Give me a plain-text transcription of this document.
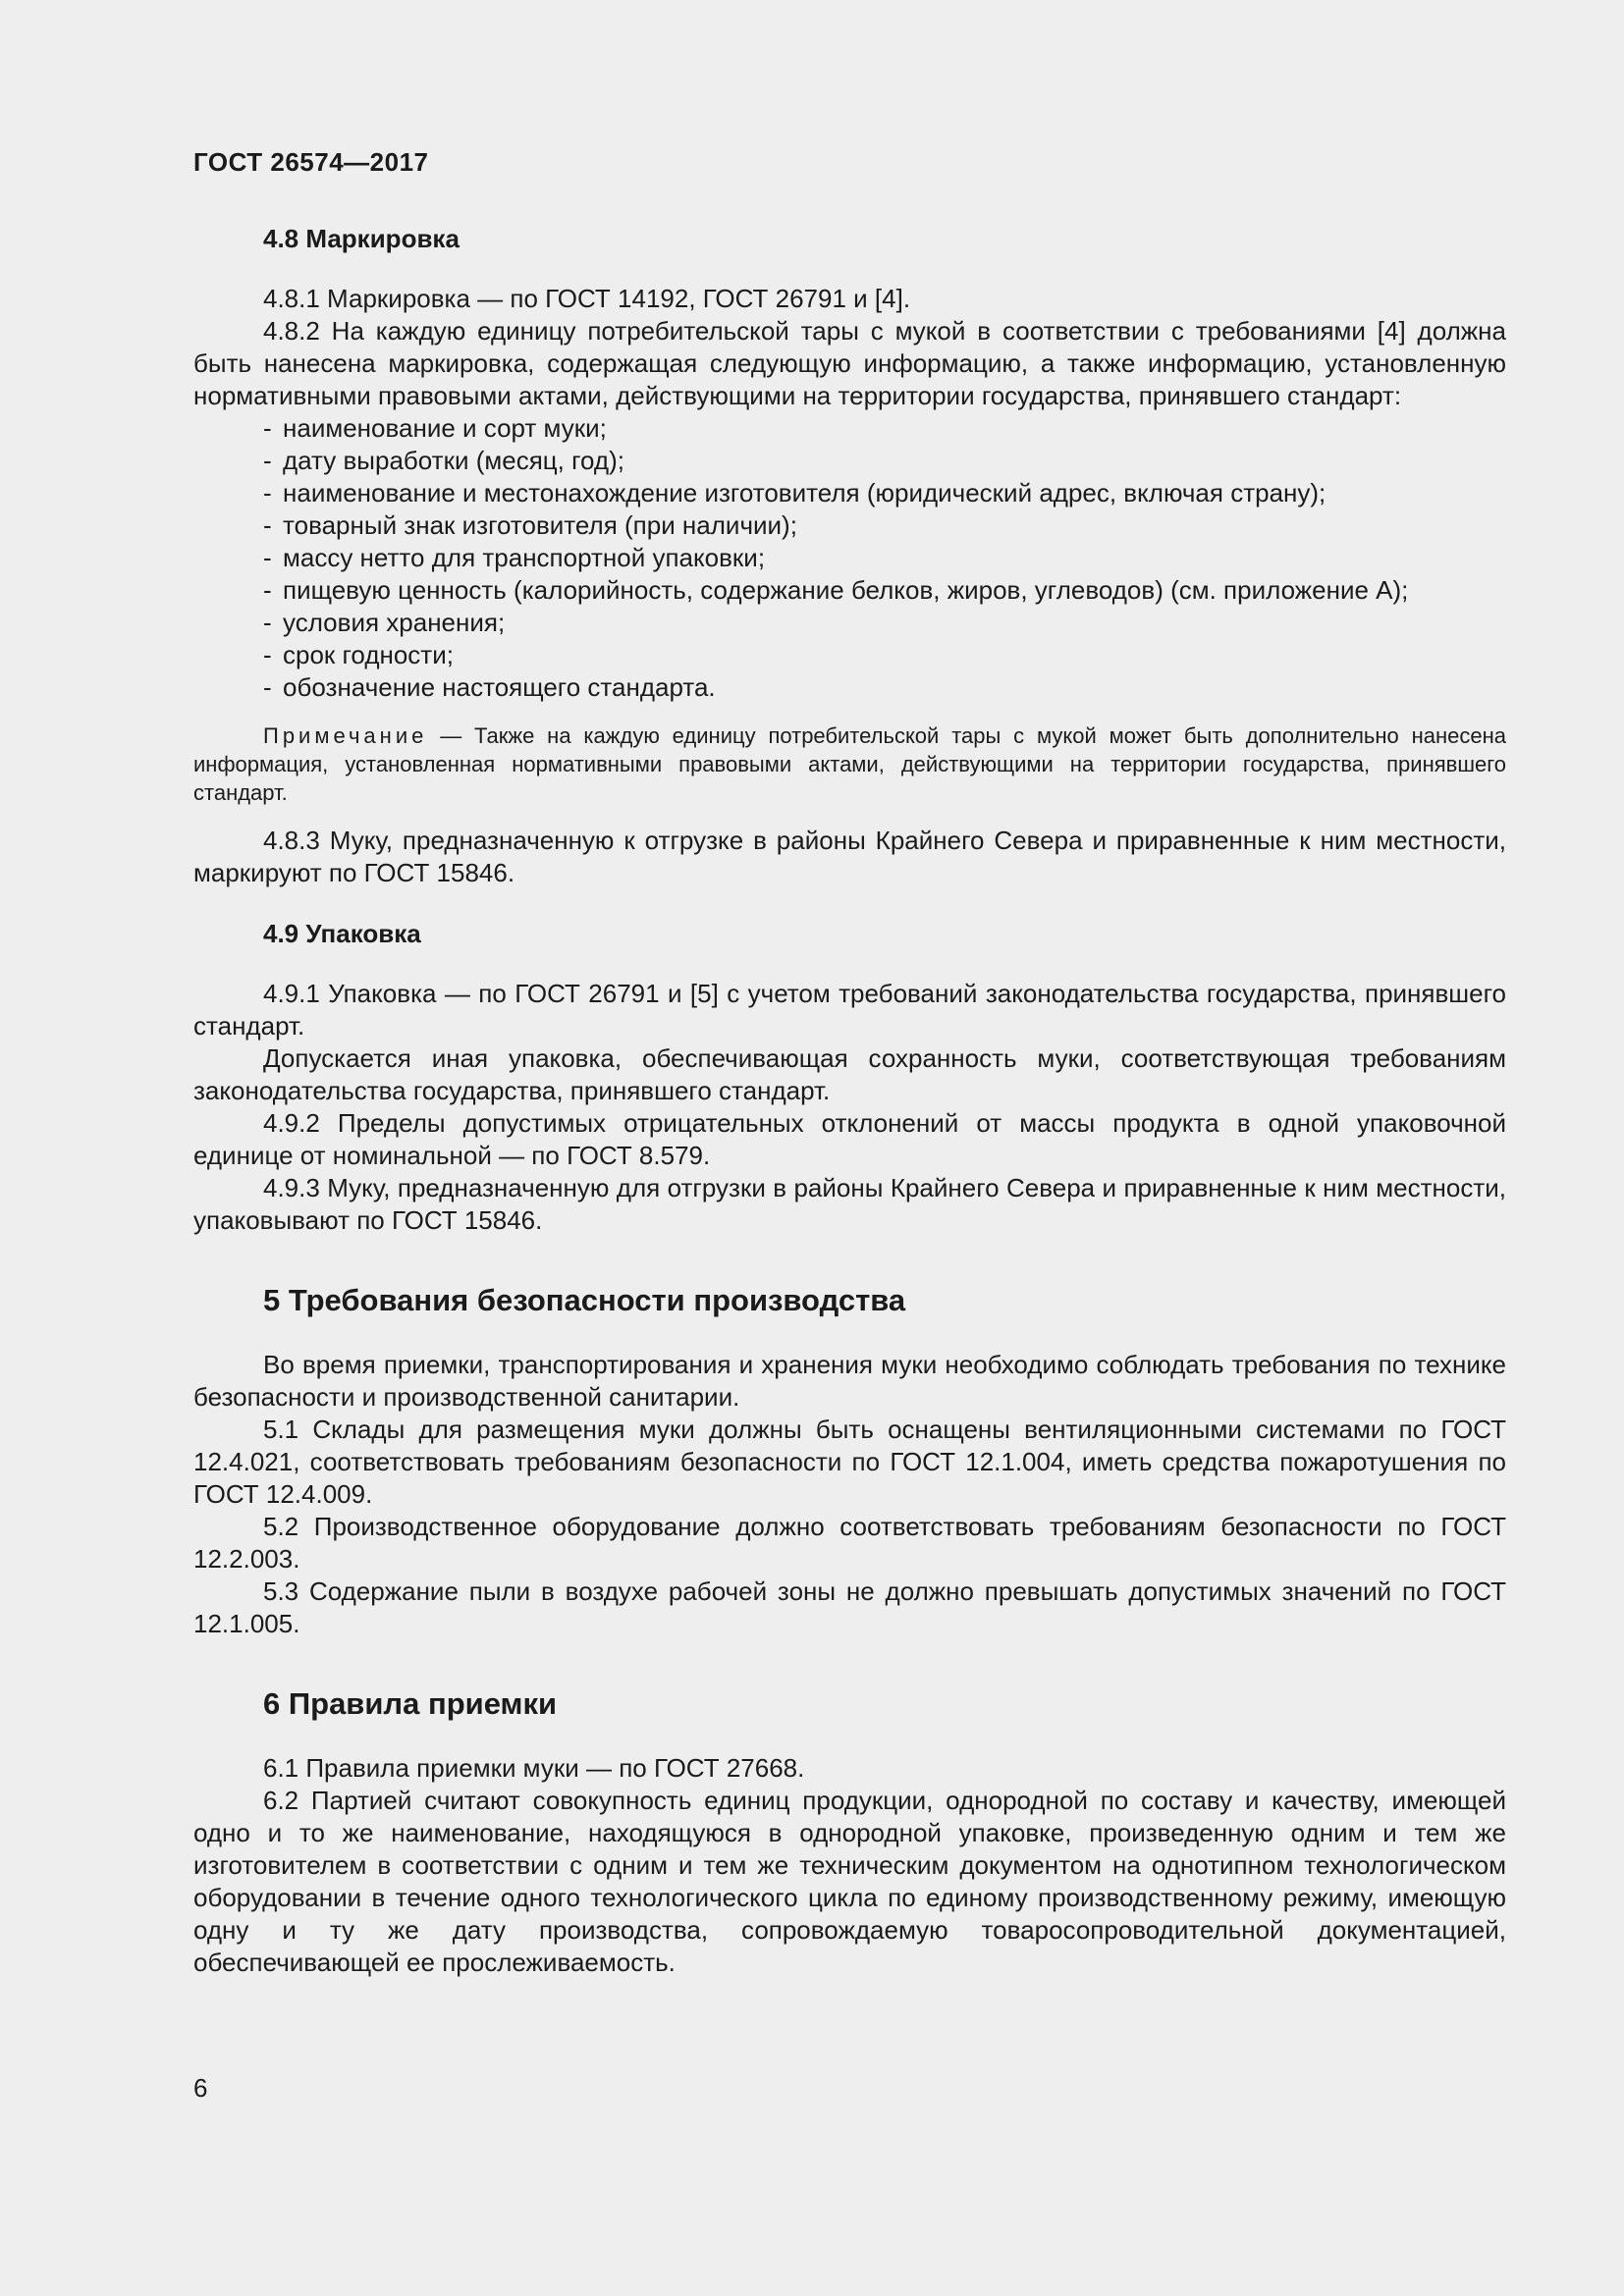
ГОСТ 26574—2017
4.8 Маркировка

4.8.1 Маркировка — по ГОСТ 14192, ГОСТ 26791 и [4].

4.8.2 На каждую единицу потребительской тары с мукой в соответствии с требованиями [4] должна быть нанесена маркировка, содержащая следующую информацию, а также информацию, установленную нормативными правовыми актами, действующими на территории государства, принявшего стандарт:

- наименование и сорт муки;
- дату выработки (месяц, год);
- наименование и местонахождение изготовителя (юридический адрес, включая страну);
- товарный знак изготовителя (при наличии);
- массу нетто для транспортной упаковки;
- пищевую ценность (калорийность, содержание белков, жиров, углеводов) (см. приложение А);
- условия хранения;
- срок годности;
- обозначение настоящего стандарта.

Примечание — Также на каждую единицу потребительской тары с мукой может быть дополнительно нанесена информация, установленная нормативными правовыми актами, действующими на территории государства, принявшего стандарт.

4.8.3 Муку, предназначенную к отгрузке в районы Крайнего Севера и приравненные к ним местности, маркируют по ГОСТ 15846.

4.9 Упаковка

4.9.1 Упаковка — по ГОСТ 26791 и [5] с учетом требований законодательства государства, принявшего стандарт.

Допускается иная упаковка, обеспечивающая сохранность муки, соответствующая требованиям законодательства государства, принявшего стандарт.

4.9.2 Пределы допустимых отрицательных отклонений от массы продукта в одной упаковочной единице от номинальной — по ГОСТ 8.579.

4.9.3 Муку, предназначенную для отгрузки в районы Крайнего Севера и приравненные к ним местности, упаковывают по ГОСТ 15846.

5 Требования безопасности производства

Во время приемки, транспортирования и хранения муки необходимо соблюдать требования по технике безопасности и производственной санитарии.

5.1 Склады для размещения муки должны быть оснащены вентиляционными системами по ГОСТ 12.4.021, соответствовать требованиям безопасности по ГОСТ 12.1.004, иметь средства пожаротушения по ГОСТ 12.4.009.

5.2 Производственное оборудование должно соответствовать требованиям безопасности по ГОСТ 12.2.003.

5.3 Содержание пыли в воздухе рабочей зоны не должно превышать допустимых значений по ГОСТ 12.1.005.

6 Правила приемки

6.1 Правила приемки муки — по ГОСТ 27668.

6.2 Партией считают совокупность единиц продукции, однородной по составу и качеству, имеющей одно и то же наименование, находящуюся в однородной упаковке, произведенную одним и тем же изготовителем в соответствии с одним и тем же техническим документом на однотипном технологическом оборудовании в течение одного технологического цикла по единому производственному режиму, имеющую одну и ту же дату производства, сопровождаемую товаросопроводительной документацией, обеспечивающей ее прослеживаемость.

6
